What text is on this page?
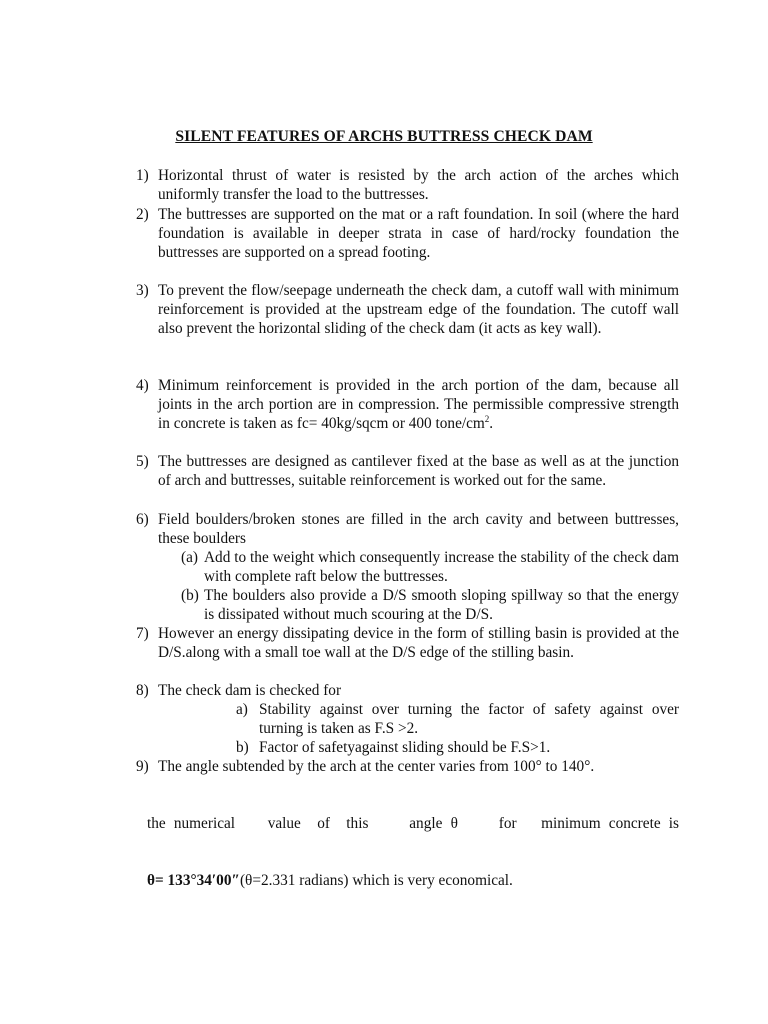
SILENT FEATURES OF ARCHS BUTTRESS CHECK DAM
1) Horizontal thrust of water is resisted by the arch action of the arches which uniformly transfer the load to the buttresses.
2) The buttresses are supported on the mat or a raft foundation. In soil (where the hard foundation is available in deeper strata in case of hard/rocky foundation the buttresses are supported on a spread footing.
3) To prevent the flow/seepage underneath the check dam, a cutoff wall with minimum reinforcement is provided at the upstream edge of the foundation. The cutoff wall also prevent the horizontal sliding of the check dam (it acts as key wall).
4) Minimum reinforcement is provided in the arch portion of the dam, because all joints in the arch portion are in compression. The permissible compressive strength in concrete is taken as fc= 40kg/sqcm or 400 tone/$cm^2$.
5) The buttresses are designed as cantilever fixed at the base as well as at the junction of arch and buttresses, suitable reinforcement is worked out for the same.
6) Field boulders/broken stones are filled in the arch cavity and between buttresses, these boulders
(a) Add to the weight which consequently increase the stability of the check dam with complete raft below the buttresses.
(b) The boulders also provide a D/S smooth sloping spillway so that the energy is dissipated without much scouring at the D/S.
7) However an energy dissipating device in the form of stilling basin is provided at the D/S.along with a small toe wall at the D/S edge of the stilling basin.
8) The check dam is checked for
a) Stability against over turning the factor of safety against over turning is taken as F.S >2.
b) Factor of safetyagainst sliding should be F.S>1.
9) The angle subtended by the arch at the center varies from 100° to 140°.

the numerical    value  of  this     angle θ     for   minimum concrete is

θ= 133°34′00″(θ=2.331 radians) which is very economical.
